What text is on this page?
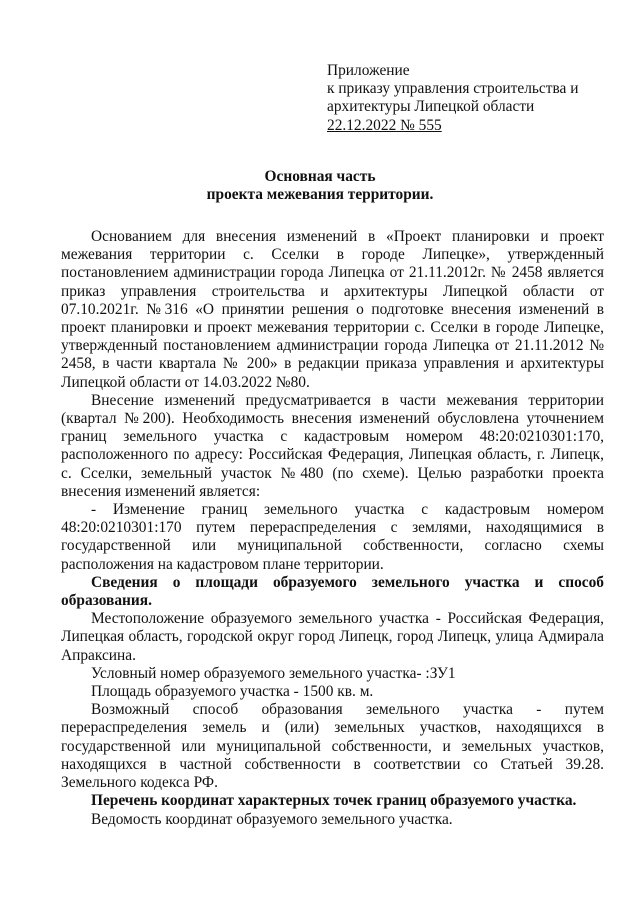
Приложение
к приказу управления строительства и
архитектуры Липецкой области
22.12.2022 № 555
Основная часть
проекта межевания территории.

Основанием для внесения изменений в «Проект планировки и проект межевания территории с. Сселки в городе Липецке», утвержденный постановлением администрации города Липецка от 21.11.2012г. № 2458 является приказ управления строительства и архитектуры Липецкой области от 07.10.2021г. №316 «О принятии решения о подготовке внесения изменений в проект планировки и проект межевания территории с. Сселки в городе Липецке, утвержденный постановлением администрации города Липецка от 21.11.2012 № 2458, в части квартала № 200» в редакции приказа управления и архитектуры Липецкой области от 14.03.2022 №80.

Внесение изменений предусматривается в части межевания территории (квартал №200). Необходимость внесения изменений обусловлена уточнением границ земельного участка с кадастровым номером 48:20:0210301:170, расположенного по адресу: Российская Федерация, Липецкая область, г. Липецк, с. Сселки, земельный участок №480 (по схеме). Целью разработки проекта внесения изменений является:

- Изменение границ земельного участка с кадастровым номером 48:20:0210301:170 путем перераспределения с землями, находящимися в государственной или муниципальной собственности, согласно схемы расположения на кадастровом плане территории.

Сведения о площади образуемого земельного участка и способ образования.

Местоположение образуемого земельного участка - Российская Федерация, Липецкая область, городской округ город Липецк, город Липецк, улица Адмирала Апраксина.

Условный номер образуемого земельного участка- :ЗУ1

Площадь образуемого участка - 1500 кв. м.

Возможный способ образования земельного участка - путем перераспределения земель и (или) земельных участков, находящихся в государственной или муниципальной собственности, и земельных участков, находящихся в частной собственности в соответствии со Статьей 39.28. Земельного кодекса РФ.

Перечень координат характерных точек границ образуемого участка.

Ведомость координат образуемого земельного участка.
